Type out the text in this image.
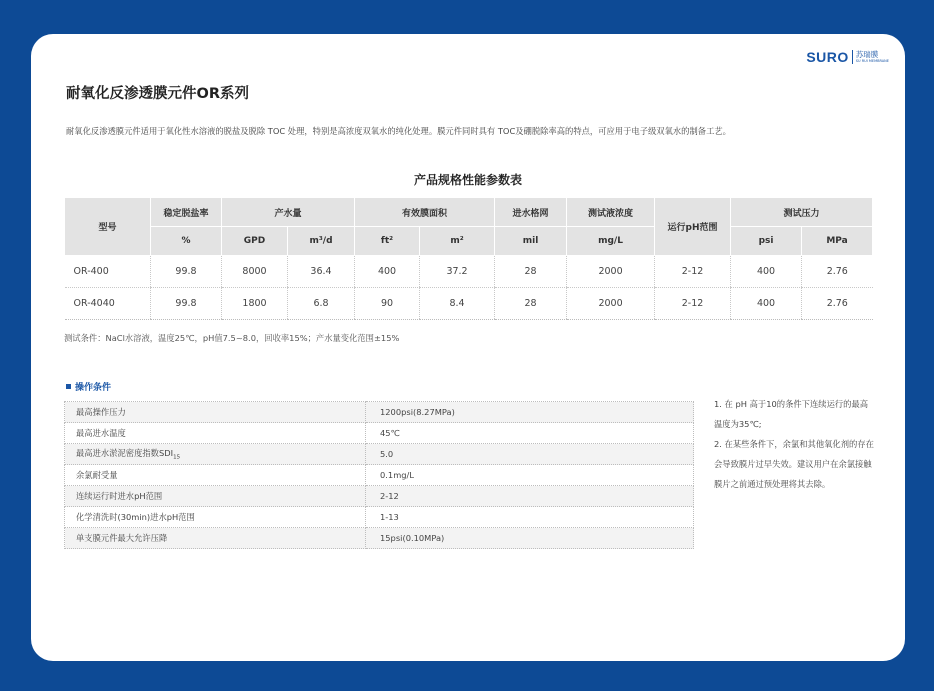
SURO 苏瑞膜
SU RUI MEMBRANE
耐氧化反渗透膜元件OR系列
耐氧化反渗透膜元件适用于氧化性水溶液的脱盐及脱除 TOC 处理，特别是高浓度双氧水的纯化处理。膜元件同时具有 TOC及硼脱除率高的特点，可应用于电子级双氧水的制备工艺。
产品规格性能参数表
型号	稳定脱盐率	产水量		有效膜面积		进水格网	测试液浓度	运行pH范围	测试压力	
	%	GPD	m³/d	ft²	m²	mil	mg/L		psi	MPa
OR-400	99.8	8000	36.4	400	37.2	28	2000	2-12	400	2.76
OR-4040	99.8	1800	6.8	90	8.4	28	2000	2-12	400	2.76
测试条件：NaCl水溶液，温度25℃，pH值7.5~8.0，回收率15%；产水量变化范围±15%
操作条件
最高操作压力	1200psi(8.27MPa)
最高进水温度	45℃
最高进水淤泥密度指数$SDI_{15}$	5.0
余氯耐受量	0.1mg/L
连续运行时进水pH范围	2-12
化学清洗时(30min)进水pH范围	1-13
单支膜元件最大允许压降	15psi(0.10MPa)

1. 在 pH 高于10的条件下连续运行的最高温度为35℃;

2. 在某些条件下，余氯和其他氧化剂的存在会导致膜片过早失效。建议用户在余氯接触膜片之前通过预处理将其去除。
